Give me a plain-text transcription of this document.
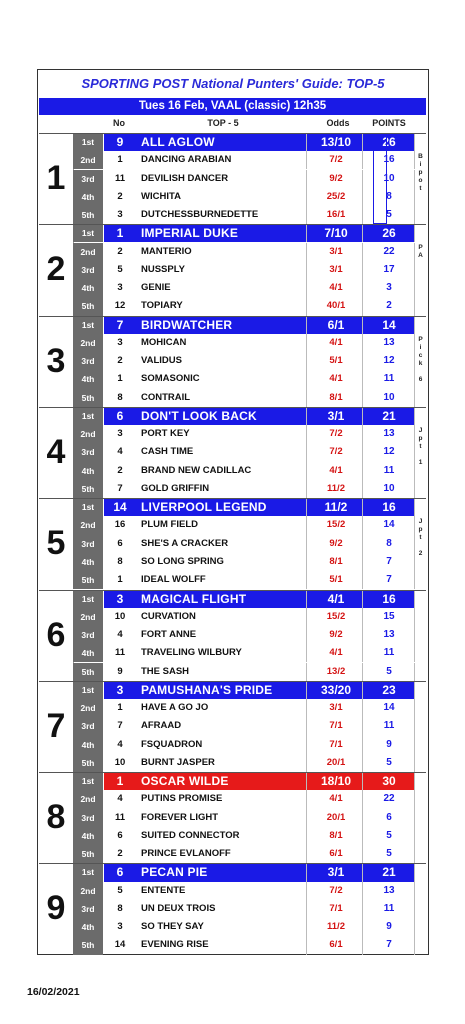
SPORTING POST National Punters' Guide: TOP-5
Tues 16 Feb, VAAL (classic) 12h35
No	TOP - 5	Odds	POINTS
1
1st	9	ALL AGLOW	13/10	26
2nd	1	DANCING ARABIAN	7/2	16
3rd	11	DEVILISH DANCER	9/2	10
4th	2	WICHITA	25/2	8
5th	3	DUTCHESSBURNEDETTE	16/1	5
B
i
p
o
t
2
1st	1	IMPERIAL DUKE	7/10	26
2nd	2	MANTERIO	3/1	22
3rd	5	NUSSPLY	3/1	17
4th	3	GENIE	4/1	3
5th	12	TOPIARY	40/1	2
P
A
3
1st	7	BIRDWATCHER	6/1	14
2nd	3	MOHICAN	4/1	13
3rd	2	VALIDUS	5/1	12
4th	1	SOMASONIC	4/1	11
5th	8	CONTRAIL	8/1	10
P
i
c
k

6
4
1st	6	DON'T LOOK BACK	3/1	21
2nd	3	PORT KEY	7/2	13
3rd	4	CASH TIME	7/2	12
4th	2	BRAND NEW CADILLAC	4/1	11
5th	7	GOLD GRIFFIN	11/2	10
J
p
t

1
5
1st	14	LIVERPOOL LEGEND	11/2	16
2nd	16	PLUM FIELD	15/2	14
3rd	6	SHE'S A CRACKER	9/2	8
4th	8	SO LONG SPRING	8/1	7
5th	1	IDEAL WOLFF	5/1	7
J
p
t

2
6
1st	3	MAGICAL FLIGHT	4/1	16
2nd	10	CURVATION	15/2	15
3rd	4	FORT ANNE	9/2	13
4th	11	TRAVELING WILBURY	4/1	11
5th	9	THE SASH	13/2	5
7
1st	3	PAMUSHANA'S PRIDE	33/20	23
2nd	1	HAVE A GO JO	3/1	14
3rd	7	AFRAAD	7/1	11
4th	4	FSQUADRON	7/1	9
5th	10	BURNT JASPER	20/1	5
8
1st	1	OSCAR WILDE	18/10	30
2nd	4	PUTINS PROMISE	4/1	22
3rd	11	FOREVER LIGHT	20/1	6
4th	6	SUITED CONNECTOR	8/1	5
5th	2	PRINCE EVLANOFF	6/1	5
9
1st	6	PECAN PIE	3/1	21
2nd	5	ENTENTE	7/2	13
3rd	8	UN DEUX TROIS	7/1	11
4th	3	SO THEY SAY	11/2	9
5th	14	EVENING RISE	6/1	7
16/02/2021
